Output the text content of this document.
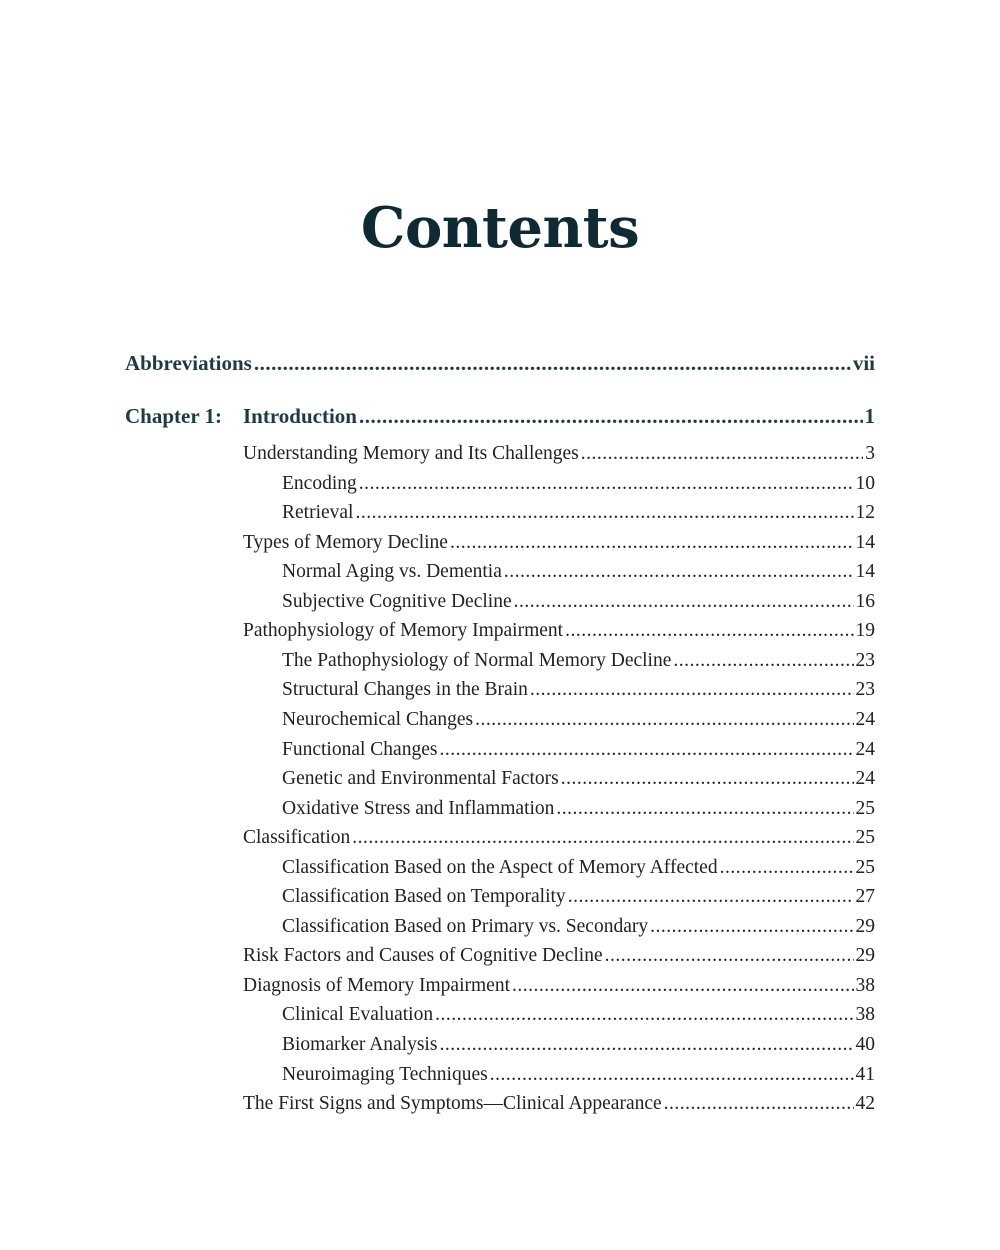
Contents
Abbreviations .....	vii
Chapter 1: Introduction .....	1
Understanding Memory and Its Challenges .....	3
Encoding .....	10
Retrieval .....	12
Types of Memory Decline .....	14
Normal Aging vs. Dementia .....	14
Subjective Cognitive Decline .....	16
Pathophysiology of Memory Impairment .....	19
The Pathophysiology of Normal Memory Decline .....	23
Structural Changes in the Brain .....	23
Neurochemical Changes .....	24
Functional Changes .....	24
Genetic and Environmental Factors .....	24
Oxidative Stress and Inflammation .....	25
Classification .....	25
Classification Based on the Aspect of Memory Affected .....	25
Classification Based on Temporality .....	27
Classification Based on Primary vs. Secondary .....	29
Risk Factors and Causes of Cognitive Decline .....	29
Diagnosis of Memory Impairment .....	38
Clinical Evaluation .....	38
Biomarker Analysis .....	40
Neuroimaging Techniques .....	41
The First Signs and Symptoms—Clinical Appearance .....	42
